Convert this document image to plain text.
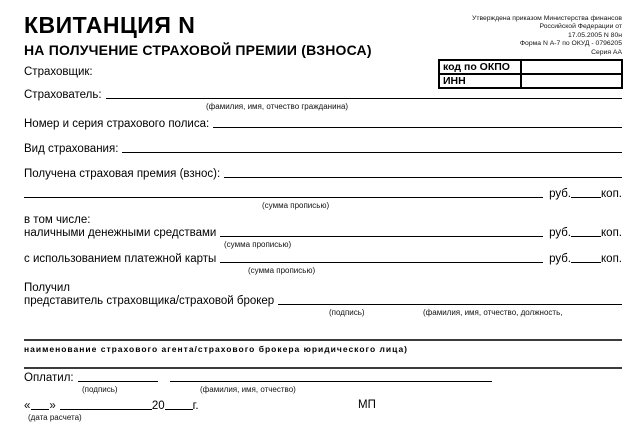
КВИТАНЦИЯ N
НА ПОЛУЧЕНИЕ СТРАХОВОЙ ПРЕМИИ (ВЗНОСА)
Утверждена приказом Министерства финансов
Российской Федерации от
17.05.2005 N 80н
Форма N А-7 по ОКУД - 0796205
Серия АА
код по ОКПО	
ИНН	
Страховщик:
Страхователь:
(фамилия, имя, отчество гражданина)
Номер и серия страхового полиса:
Вид страхования:
Получена страховая премия (взнос):
руб.	коп.
(сумма прописью)
в том числе:
наличными денежными средствами	руб.	коп.
(сумма прописью)
с использованием платежной карты	руб.	коп.
(сумма прописью)
Получил
представитель страховщика/страховой брокер
(подпись)	(фамилия, имя, отчество, должность,
наименование страхового агента/страхового брокера юридического лица)
Оплатил:
(подпись)	(фамилия, имя, отчество)
« »	20 г.	МП
(дата расчета)
